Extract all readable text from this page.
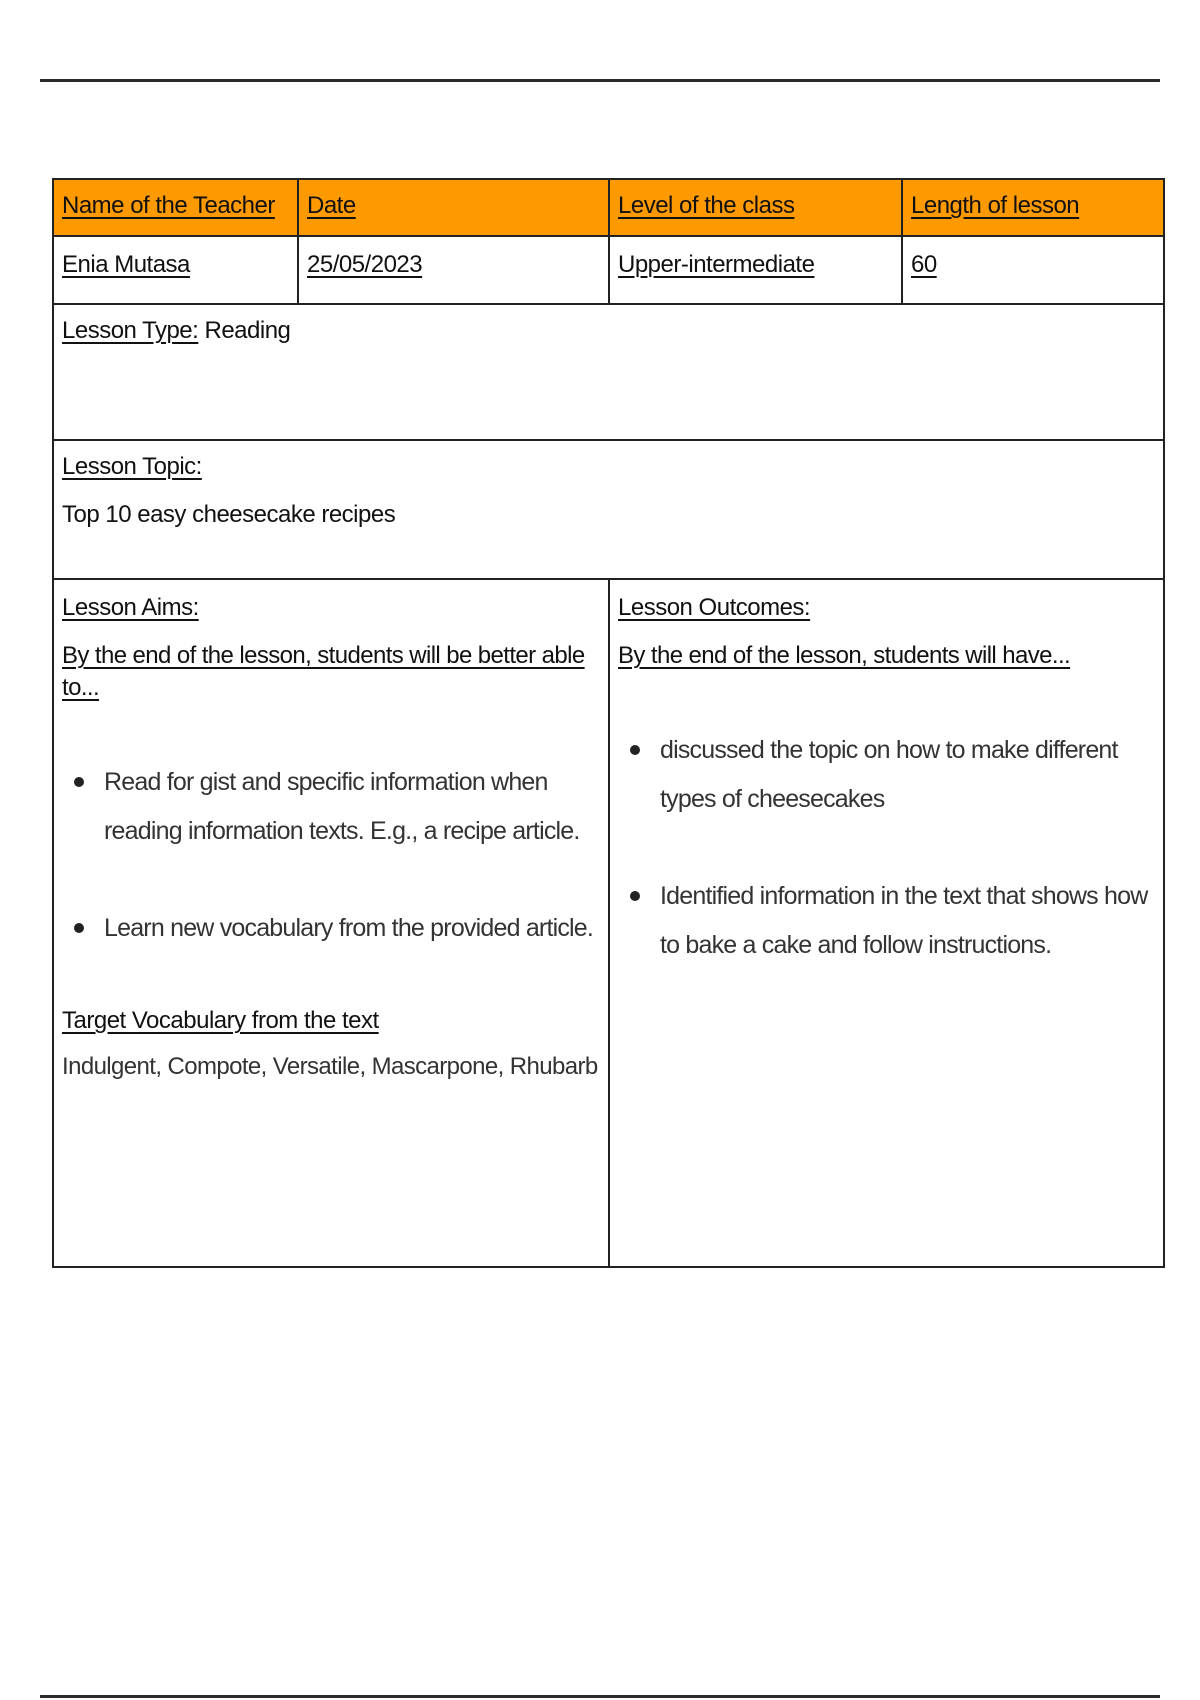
Name of the Teacher	Date	Level of the class	Length of lesson
Enia Mutasa	25/05/2023	Upper-intermediate	60
Lesson Type: Reading
Lesson Topic:
Top 10 easy cheesecake recipes
Lesson Aims:
By the end of the lesson, students will be better able to...
Read for gist and specific information when reading information texts. E.g., a recipe article.
Learn new vocabulary from the provided article.
Target Vocabulary from the text
Indulgent, Compote, Versatile, Mascarpone, Rhubarb
Lesson Outcomes:
By the end of the lesson, students will have...
discussed the topic on how to make different types of cheesecakes
Identified information in the text that shows how to bake a cake and follow instructions.
